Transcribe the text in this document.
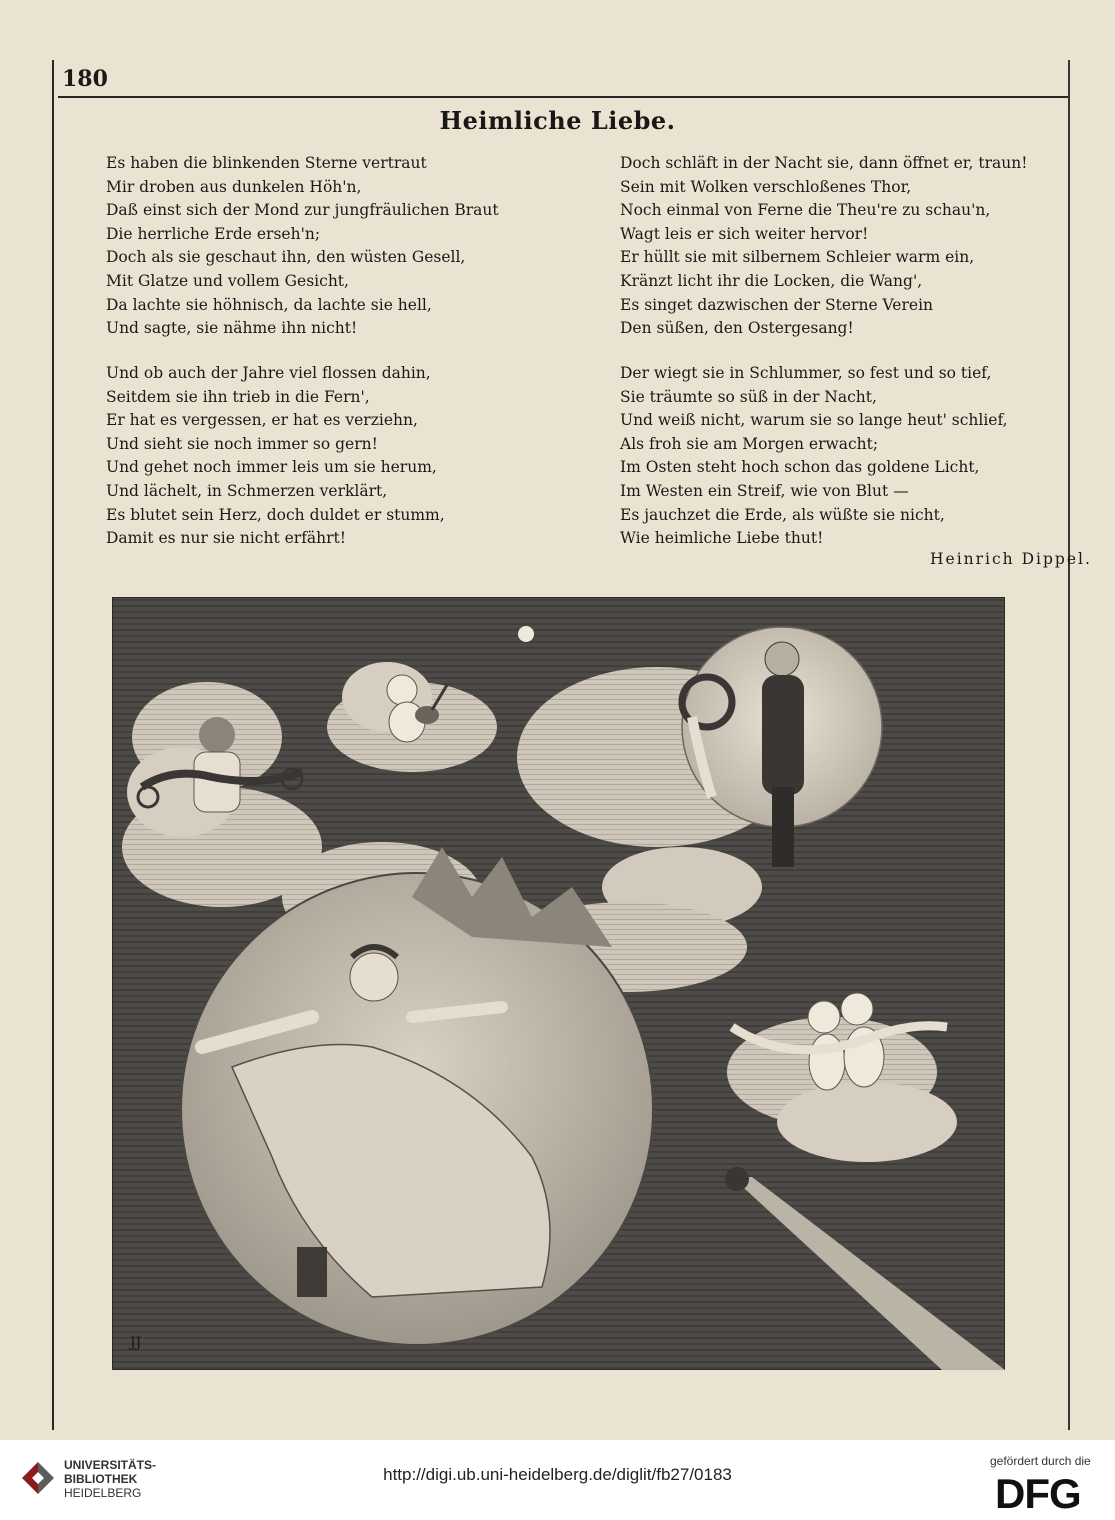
180
Heimliche Liebe.
Es haben die blinkenden Sterne vertraut
Mir droben aus dunkelen Höh'n,
Daß einst sich der Mond zur jungfräulichen Braut
Die herrliche Erde erseh'n;
Doch als sie geschaut ihn, den wüsten Gesell,
Mit Glatze und vollem Gesicht,
Da lachte sie höhnisch, da lachte sie hell,
Und sagte, sie nähme ihn nicht!
Und ob auch der Jahre viel flossen dahin,
Seitdem sie ihn trieb in die Fern',
Er hat es vergessen, er hat es verziehn,
Und sieht sie noch immer so gern!
Und gehet noch immer leis um sie herum,
Und lächelt, in Schmerzen verklärt,
Es blutet sein Herz, doch duldet er stumm,
Damit es nur sie nicht erfährt!
Doch schläft in der Nacht sie, dann öffnet er, traun!
Sein mit Wolken verschloßenes Thor,
Noch einmal von Ferne die Theu're zu schau'n,
Wagt leis er sich weiter hervor!
Er hüllt sie mit silbernem Schleier warm ein,
Kränzt licht ihr die Locken, die Wang',
Es singet dazwischen der Sterne Verein
Den süßen, den Ostergesang!
Der wiegt sie in Schlummer, so fest und so tief,
Sie träumte so süß in der Nacht,
Und weiß nicht, warum sie so lange heut' schlief,
Als froh sie am Morgen erwacht;
Im Osten steht hoch schon das goldene Licht,
Im Westen ein Streif, wie von Blut —
Es jauchzet die Erde, als wüßte sie nicht,
Wie heimliche Liebe thut!
Heinrich Dippel.
JJ
UNIVERSITÄTS-
BIBLIOTHEK
HEIDELBERG
http://digi.ub.uni-heidelberg.de/diglit/fb27/0183
gefördert durch die
DFG
